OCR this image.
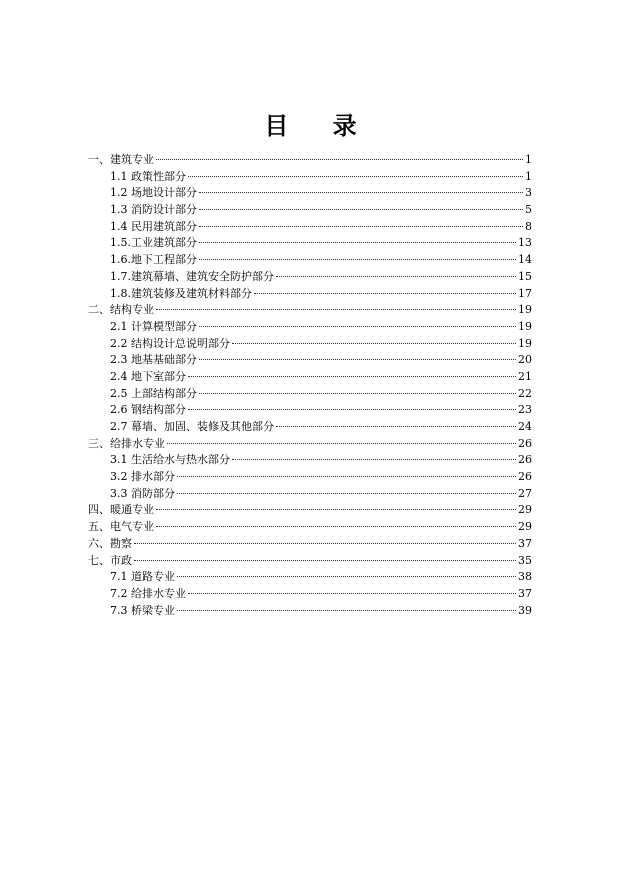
目 录
一、建筑专业	1
1.1 政策性部分	1
1.2 场地设计部分	3
1.3 消防设计部分	5
1.4 民用建筑部分	8
1.5.工业建筑部分	13
1.6.地下工程部分	14
1.7.建筑幕墙、建筑安全防护部分	15
1.8.建筑装修及建筑材料部分	17
二、结构专业	19
2.1 计算模型部分	19
2.2 结构设计总说明部分	19
2.3 地基基础部分	20
2.4 地下室部分	21
2.5 上部结构部分	22
2.6 钢结构部分	23
2.7 幕墙、加固、装修及其他部分	24
三、给排水专业	26
3.1 生活给水与热水部分	26
3.2 排水部分	26
3.3 消防部分	27
四、暖通专业	29
五、电气专业	29
六、勘察	37
七、市政	35
7.1 道路专业	38
7.2 给排水专业	37
7.3 桥梁专业	39
